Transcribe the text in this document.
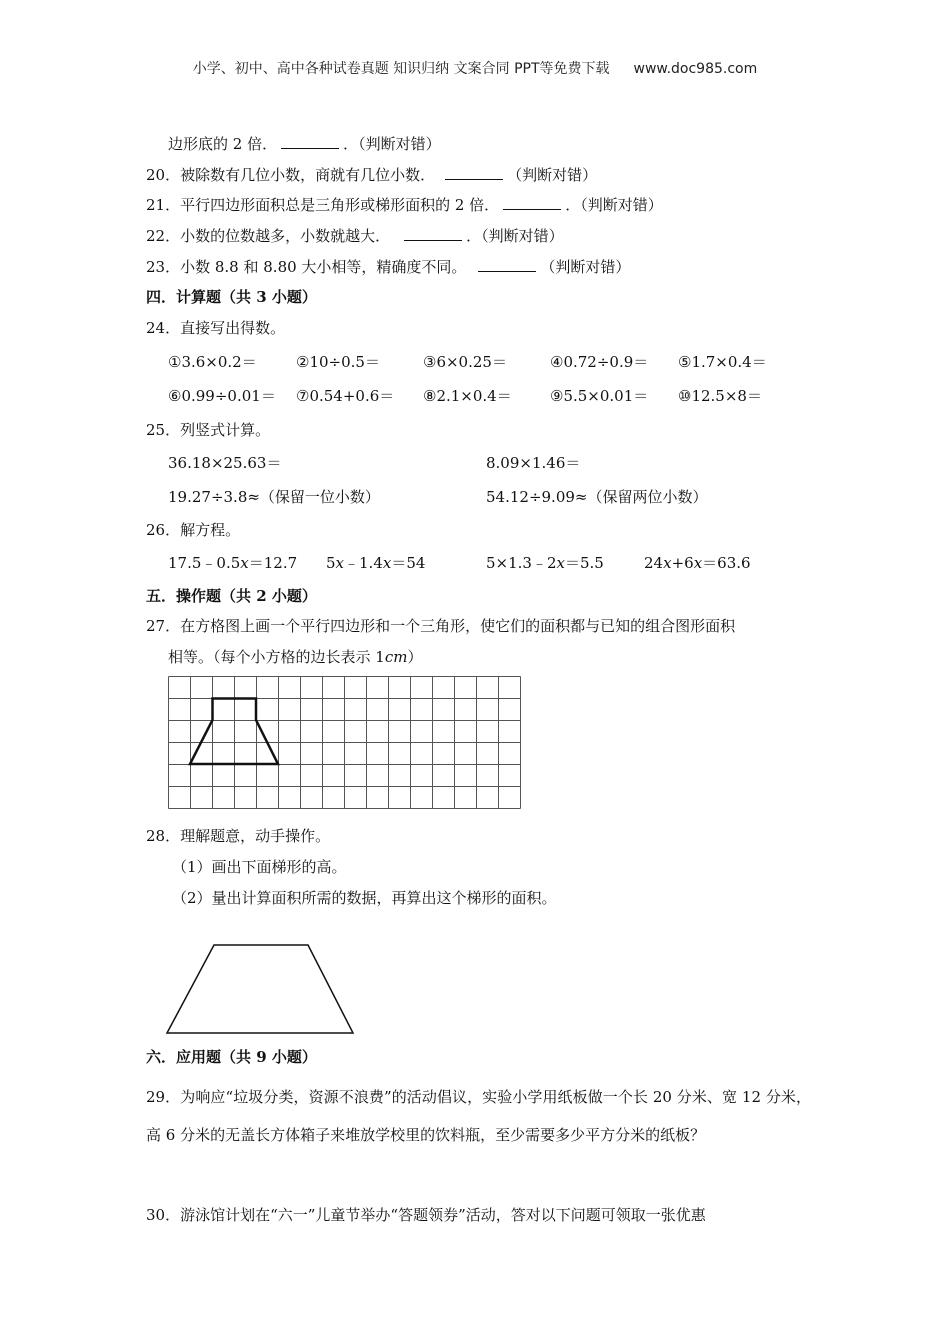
小学、初中、高中各种试卷真题 知识归纳 文案合同 PPT等免费下载 www.doc985.com
边形底的 2 倍．	．（判断对错）
20．被除数有几位小数，商就有几位小数．	（判断对错）
21．平行四边形面积总是三角形或梯形面积的 2 倍．	．（判断对错）
22．小数的位数越多，小数就越大．	．（判断对错）
23．小数 8.8 和 8.80 大小相等，精确度不同。	（判断对错）
四．计算题（共 3 小题）
24．直接写出得数。
①3.6×0.2＝	②10÷0.5＝	③6×0.25＝	④0.72÷0.9＝ ⑤1.7×0.4＝
⑥0.99÷0.01＝ ⑦0.54+0.6＝ ⑧2.1×0.4＝	⑨5.5×0.01＝ ⑩12.5×8＝
25．列竖式计算。
36.18×25.63＝	8.09×1.46＝
19.27÷3.8≈（保留一位小数）	54.12÷9.09≈（保留两位小数）
26．解方程。
17.5﹣0.5x＝12.7 5x﹣1.4x＝54	5×1.3﹣2x＝5.5	24x+6x＝63.6
五．操作题（共 2 小题）
27．在方格图上画一个平行四边形和一个三角形，使它们的面积都与已知的组合图形面积
相等。（每个小方格的边长表示 1cm）
28．理解题意，动手操作。
（1）画出下面梯形的高。
（2）量出计算面积所需的数据，再算出这个梯形的面积。
六．应用题（共 9 小题）
29．为响应“垃圾分类，资源不浪费”的活动倡议，实验小学用纸板做一个长 20 分米、宽 12 分米，高 6 分米的无盖长方体箱子来堆放学校里的饮料瓶，至少需要多少平方分米的纸板？
30．游泳馆计划在“六一”儿童节举办“答题领券”活动，答对以下问题可领取一张优惠
